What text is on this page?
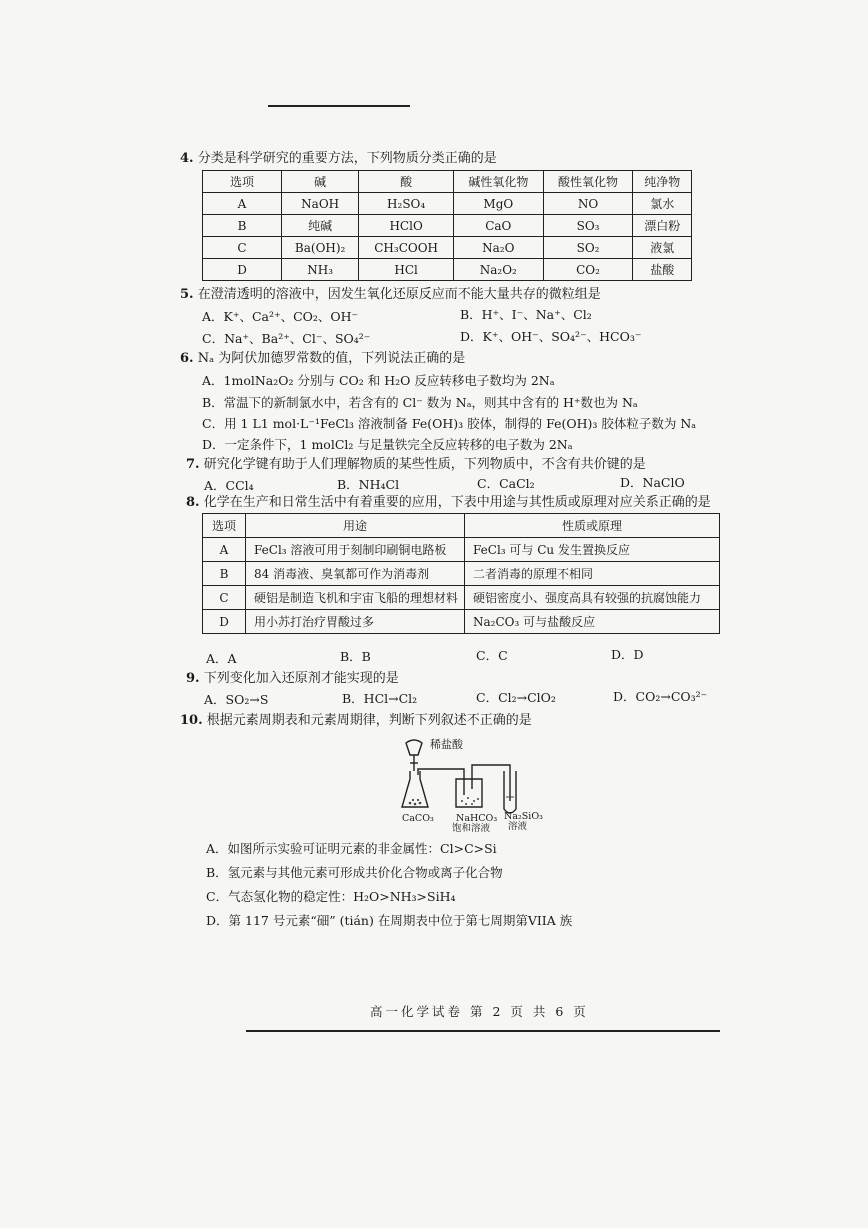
4. 分类是科学研究的重要方法，下列物质分类正确的是
选项	碱	酸	碱性氧化物	酸性氧化物	纯净物
A	NaOH	H₂SO₄	MgO	NO	氯水
B	纯碱	HClO	CaO	SO₃	漂白粉
C	Ba(OH)₂	CH₃COOH	Na₂O	SO₂	液氯
D	NH₃	HCl	Na₂O₂	CO₂	盐酸
5. 在澄清透明的溶液中，因发生氧化还原反应而不能大量共存的微粒组是
A．K⁺、Ca²⁺、CO₂、OH⁻	B．H⁺、I⁻、Na⁺、Cl₂
C．Na⁺、Ba²⁺、Cl⁻、SO₄²⁻	D．K⁺、OH⁻、SO₄²⁻、HCO₃⁻
6. Nₐ 为阿伏加德罗常数的值，下列说法正确的是
A．1molNa₂O₂ 分别与 CO₂ 和 H₂O 反应转移电子数均为 2Nₐ
B．常温下的新制氯水中，若含有的 Cl⁻ 数为 Nₐ，则其中含有的 H⁺数也为 Nₐ
C．用 1 L1 mol·L⁻¹FeCl₃ 溶液制备 Fe(OH)₃ 胶体，制得的 Fe(OH)₃ 胶体粒子数为 Nₐ
D．一定条件下，1 molCl₂ 与足量铁完全反应转移的电子数为 2Nₐ
7. 研究化学键有助于人们理解物质的某些性质，下列物质中，不含有共价键的是
A．CCl₄	B．NH₄Cl	C．CaCl₂	D．NaClO
8. 化学在生产和日常生活中有着重要的应用，下表中用途与其性质或原理对应关系正确的是
选项	用途	性质或原理
A	FeCl₃ 溶液可用于刻制印刷铜电路板	FeCl₃ 可与 Cu 发生置换反应
B	84 消毒液、臭氧都可作为消毒剂	二者消毒的原理不相同
C	硬铝是制造飞机和宇宙飞船的理想材料	硬铝密度小、强度高具有较强的抗腐蚀能力
D	用小苏打治疗胃酸过多	Na₂CO₃ 可与盐酸反应
A．A	B．B	C．C	D．D
9. 下列变化加入还原剂才能实现的是
A．SO₂→S	B．HCl→Cl₂	C．Cl₂→ClO₂	D．CO₂→CO₃²⁻
10. 根据元素周期表和元素周期律，判断下列叙述不正确的是
稀盐酸
CaCO₃ NaHCO₃
饱和溶液
Na₂SiO₃
溶液
A．如图所示实验可证明元素的非金属性：Cl>C>Si
B．氢元素与其他元素可形成共价化合物或离子化合物
C．气态氢化物的稳定性：H₂O>NH₃>SiH₄
D．第 117 号元素“鿬” (tián) 在周期表中位于第七周期第VIIA 族
高一化学试卷 第 2 页 共 6 页
